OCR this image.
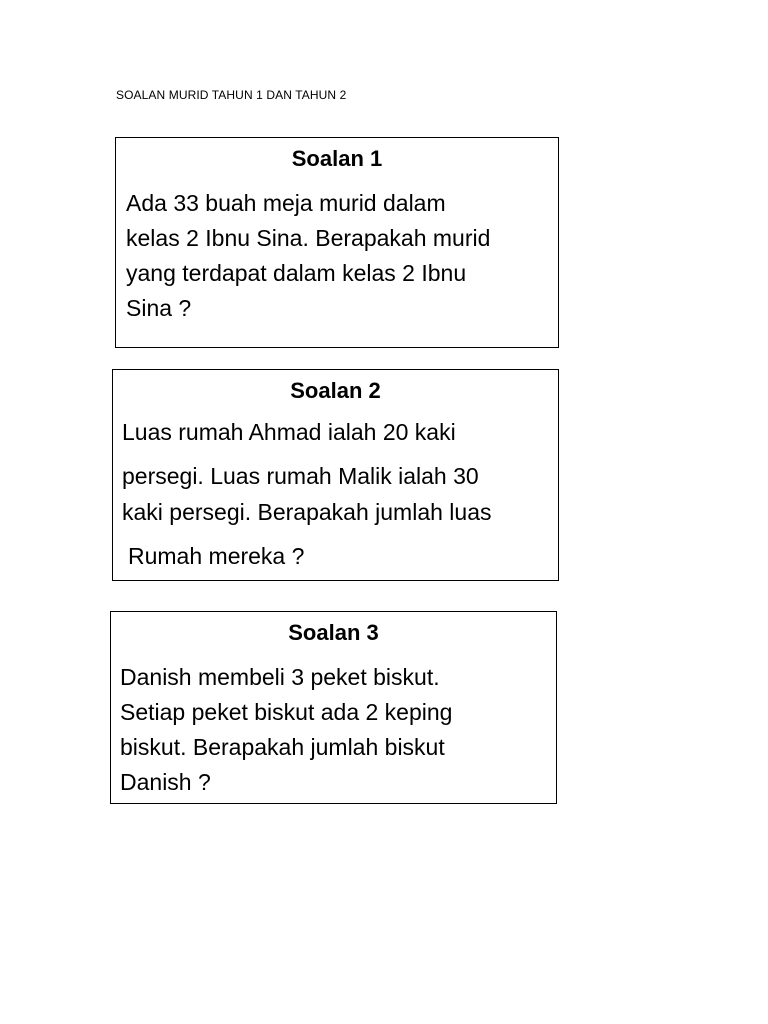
SOALAN MURID TAHUN 1 DAN TAHUN 2
Soalan 1
Ada 33 buah meja murid dalam
kelas 2 Ibnu Sina. Berapakah murid
yang terdapat dalam kelas 2 Ibnu
Sina ?
Soalan 2
Luas rumah Ahmad ialah 20 kaki
persegi. Luas rumah Malik ialah 30
kaki persegi. Berapakah jumlah luas
Rumah mereka ?
Soalan 3
Danish membeli 3 peket biskut.
Setiap peket biskut ada 2 keping
biskut. Berapakah jumlah biskut
Danish ?
